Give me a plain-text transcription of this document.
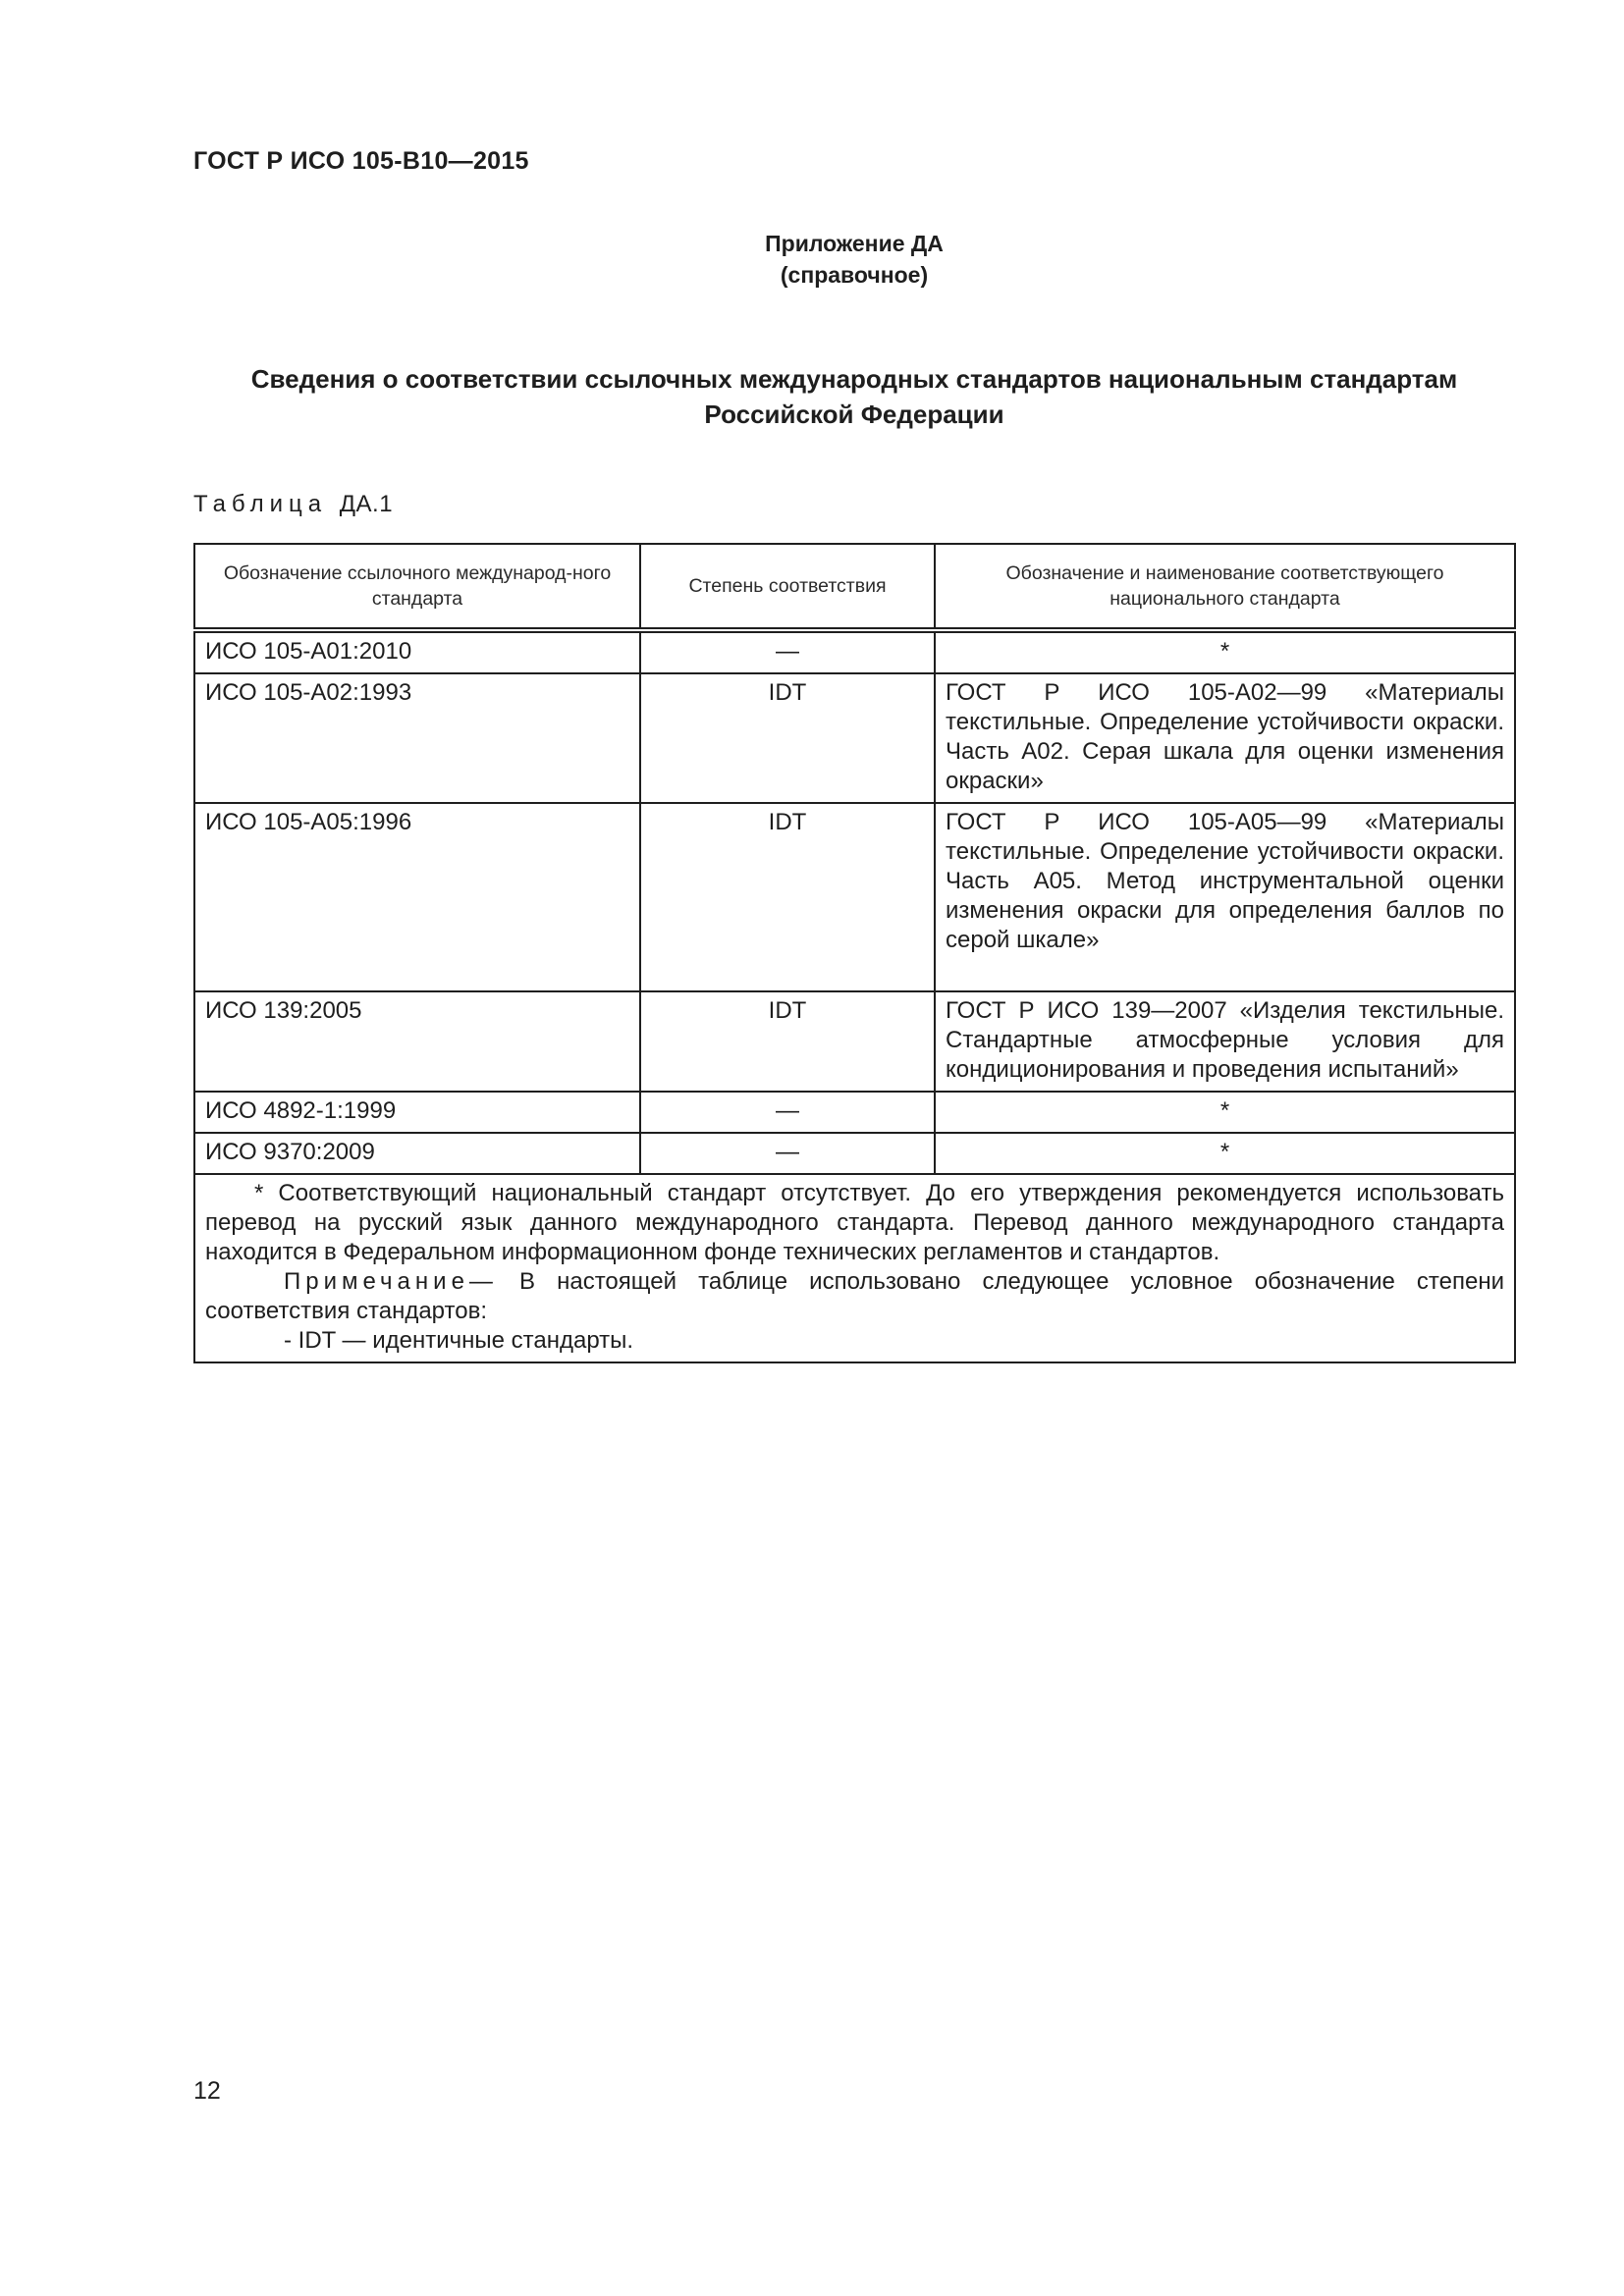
ГОСТ Р ИСО 105-B10—2015
Приложение ДА
(справочное)
Сведения о соответствии ссылочных международных стандартов национальным стандартам
Российской Федерации
Таблица ДА.1
Обозначение ссылочного международ-ного стандарта	Степень соответствия	Обозначение и наименование соответствующего национального стандарта
ИСО 105-А01:2010	—	*
ИСО 105-А02:1993	IDT	ГОСТ Р ИСО 105-А02—99 «Материалы текстильные. Определение устойчивости окраски. Часть А02. Серая шкала для оценки изменения окраски»
ИСО 105-А05:1996	IDT	ГОСТ Р ИСО 105-А05—99 «Материалы текстильные. Определение устойчивости окраски. Часть А05. Метод инструментальной оценки изменения окраски для определения баллов по серой шкале»
ИСО 139:2005	IDT	ГОСТ Р ИСО 139—2007 «Изделия текстильные. Стандартные атмосферные условия для кондиционирования и проведения испытаний»
ИСО 4892-1:1999	—	*
ИСО 9370:2009	—	*

* Соответствующий национальный стандарт отсутствует. До его утверждения рекомендуется использовать перевод на русский язык данного международного стандарта. Перевод данного международного стандарта находится в Федеральном информационном фонде технических регламентов и стандартов.
Примечание— В настоящей таблице использовано следующее условное обозначение степени соответствия стандартов:
- IDT — идентичные стандарты.		
12
